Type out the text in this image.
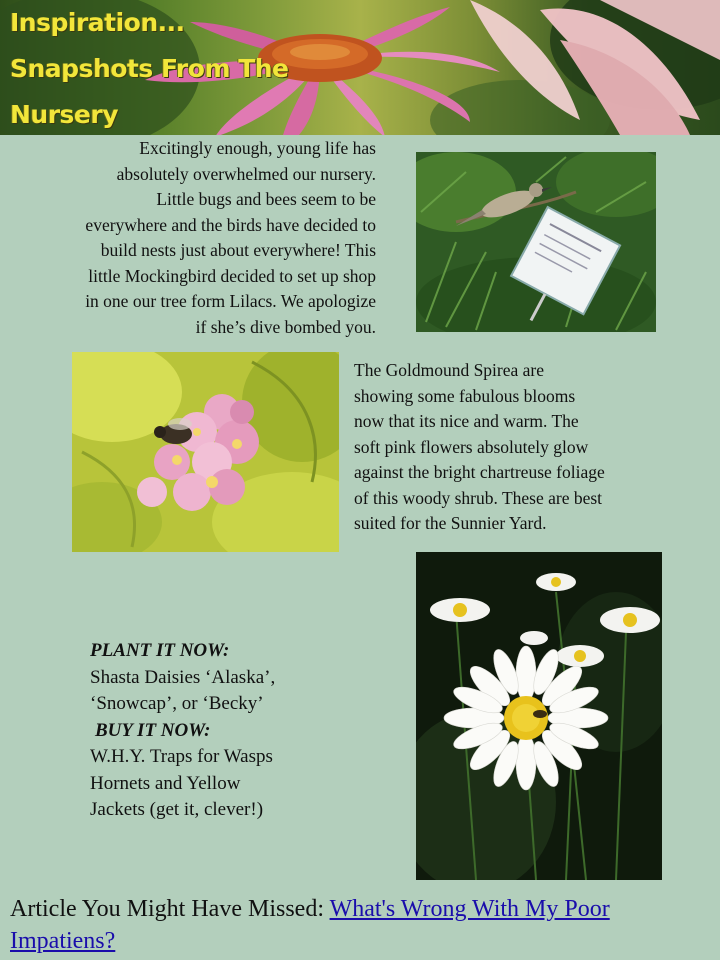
Inspiration...
Snapshots From The
Nursery
Excitingly enough, young life has
absolutely overwhelmed our nursery.
Little bugs and bees seem to be
everywhere and the birds have decided to
build nests just about everywhere! This
little Mockingbird decided to set up shop
in one our tree form Lilacs. We apologize
if she’s dive bombed you.
The Goldmound Spirea are
showing some fabulous blooms
now that its nice and warm. The
soft pink flowers absolutely glow
against the bright chartreuse foliage
of this woody shrub. These are best
suited for the Sunnier Yard.
PLANT IT NOW:
Shasta Daisies ‘Alaska’,
‘Snowcap’, or ‘Becky’
BUY IT NOW:
W.H.Y. Traps for Wasps
Hornets and Yellow
Jackets (get it, clever!)
Article You Might Have Missed: What's Wrong With My Poor Impatiens?
